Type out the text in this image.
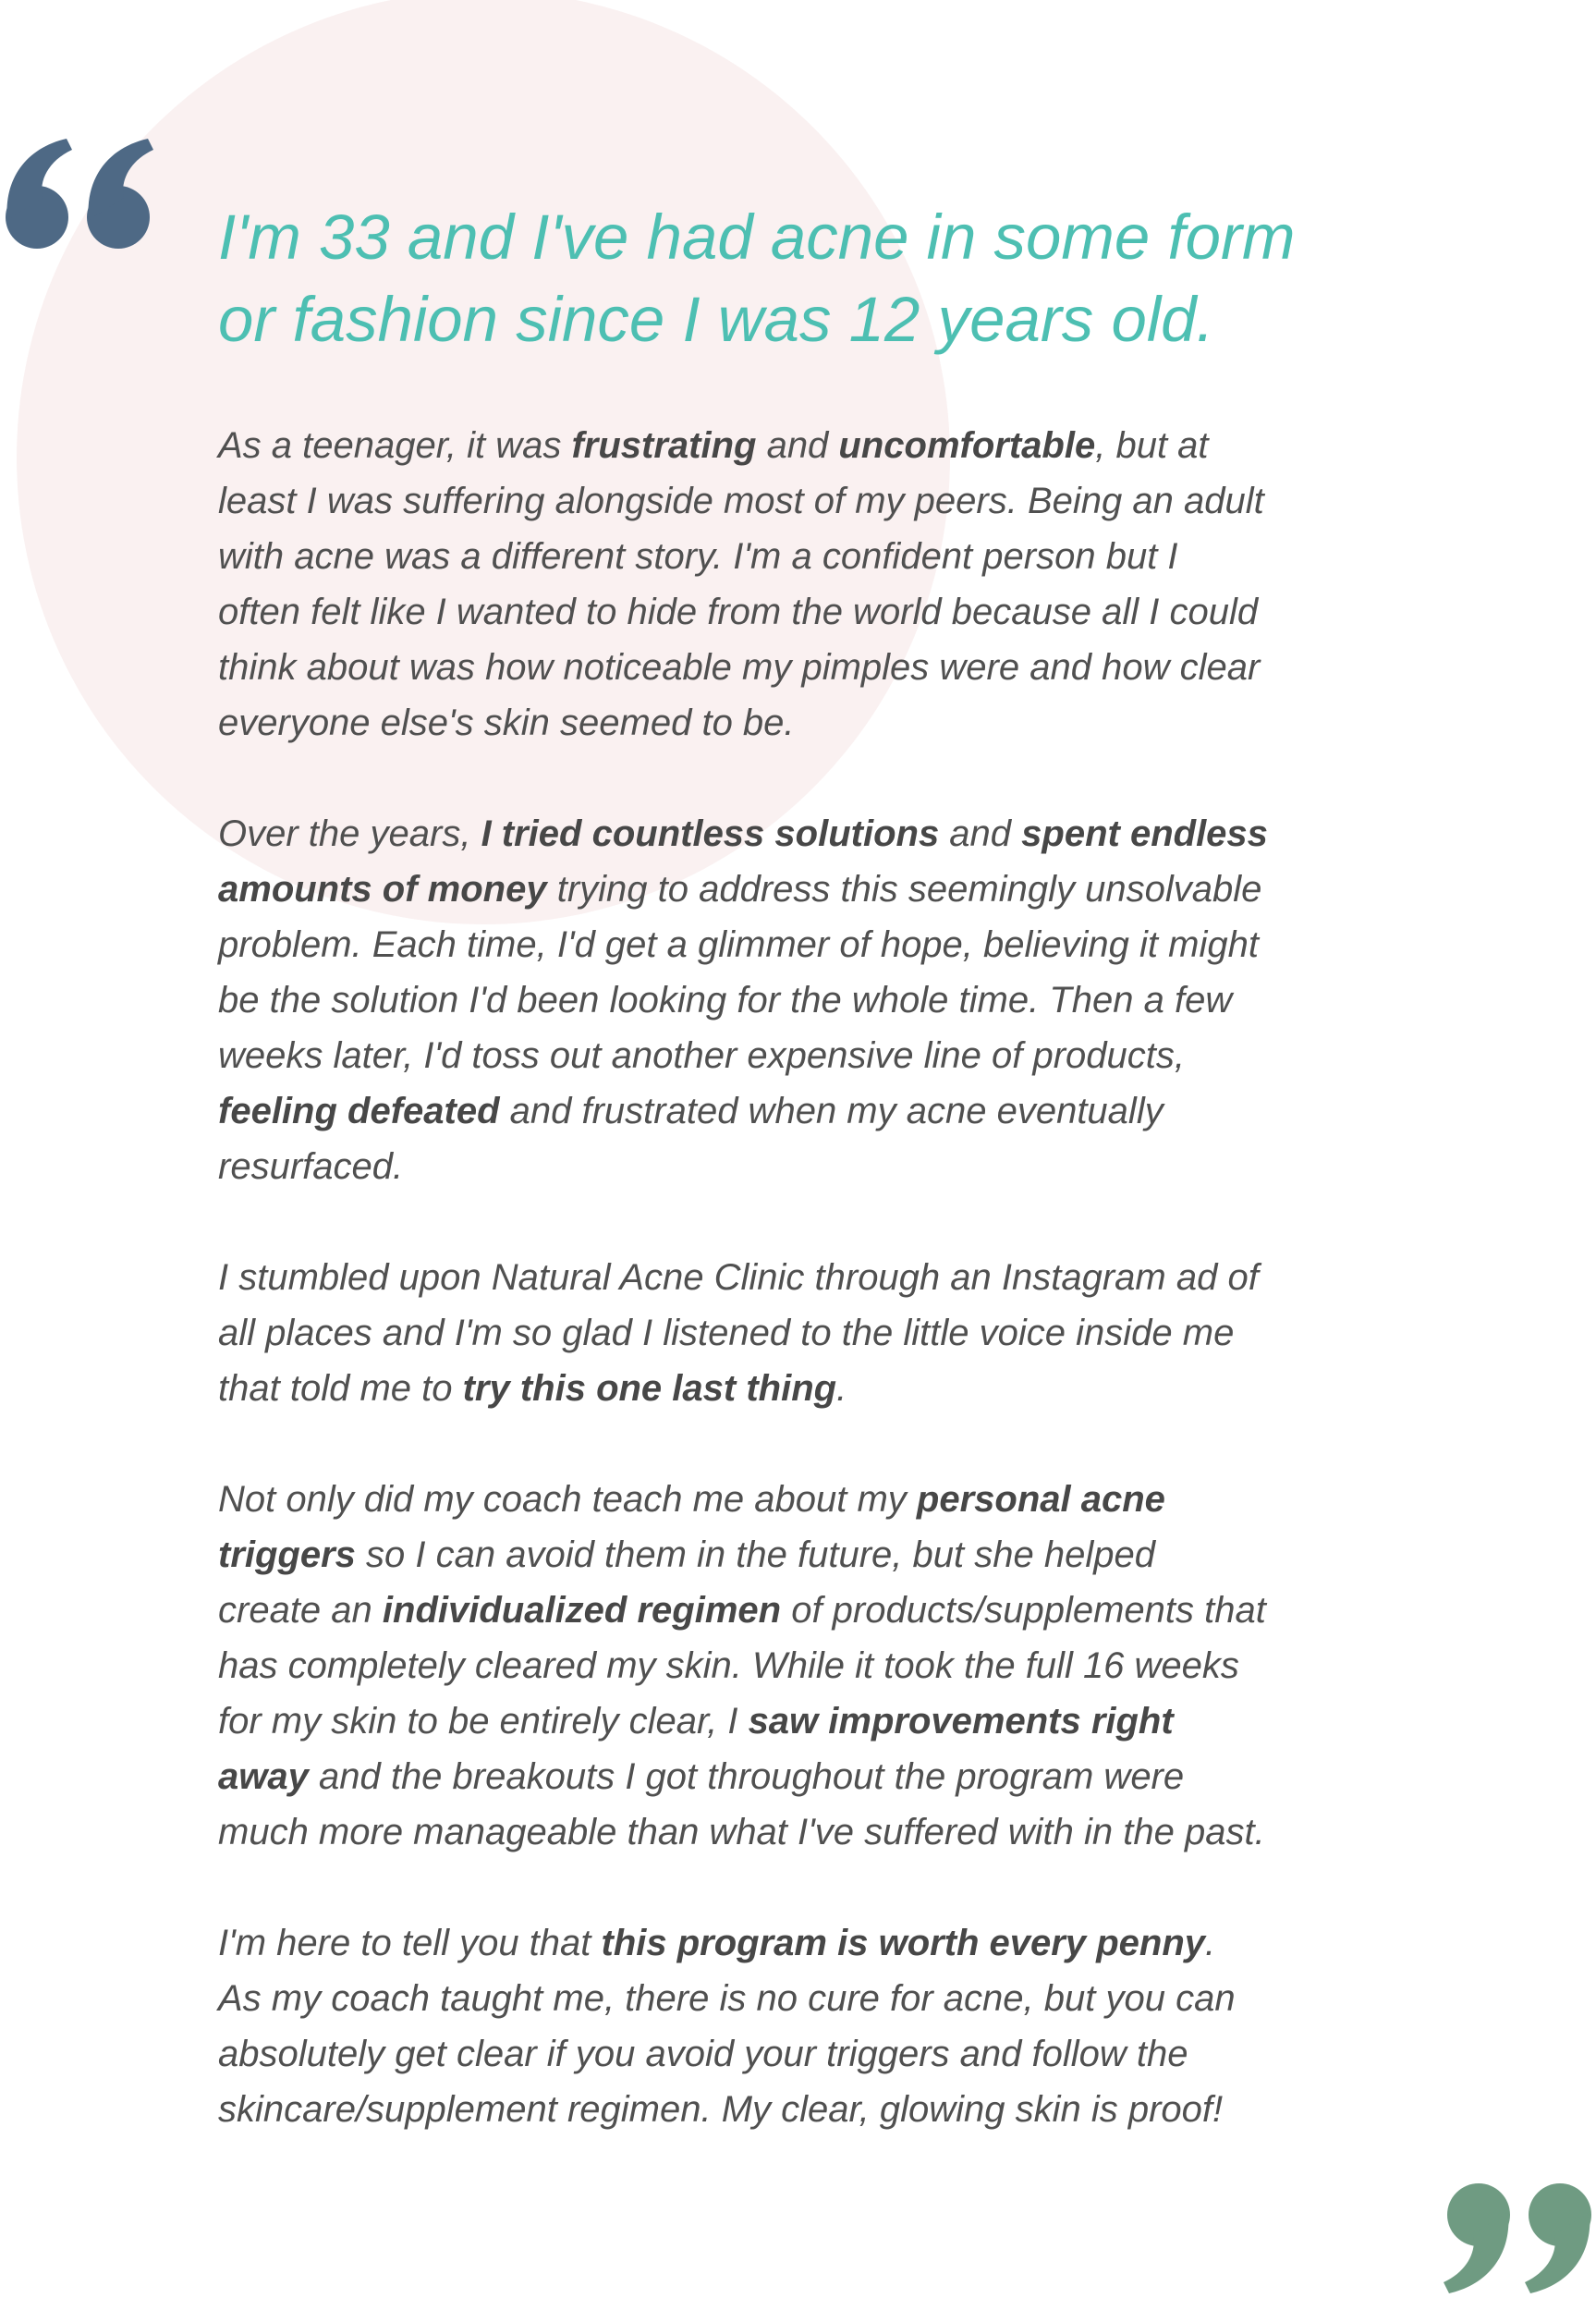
I'm 33 and I've had acne in some form
or fashion since I was 12 years old.

As a teenager, it was frustrating and uncomfortable, but at
least I was suffering alongside most of my peers. Being an adult
with acne was a different story. I'm a confident person but I
often felt like I wanted to hide from the world because all I could
think about was how noticeable my pimples were and how clear
everyone else's skin seemed to be.

Over the years, I tried countless solutions and spent endless
amounts of money trying to address this seemingly unsolvable
problem. Each time, I'd get a glimmer of hope, believing it might
be the solution I'd been looking for the whole time. Then a few
weeks later, I'd toss out another expensive line of products,
feeling defeated and frustrated when my acne eventually
resurfaced.

I stumbled upon Natural Acne Clinic through an Instagram ad of
all places and I'm so glad I listened to the little voice inside me
that told me to try this one last thing.

Not only did my coach teach me about my personal acne
triggers so I can avoid them in the future, but she helped
create an individualized regimen of products/supplements that
has completely cleared my skin. While it took the full 16 weeks
for my skin to be entirely clear, I saw improvements right
away and the breakouts I got throughout the program were
much more manageable than what I've suffered with in the past.

I'm here to tell you that this program is worth every penny.
As my coach taught me, there is no cure for acne, but you can
absolutely get clear if you avoid your triggers and follow the
skincare/supplement regimen. My clear, glowing skin is proof!
